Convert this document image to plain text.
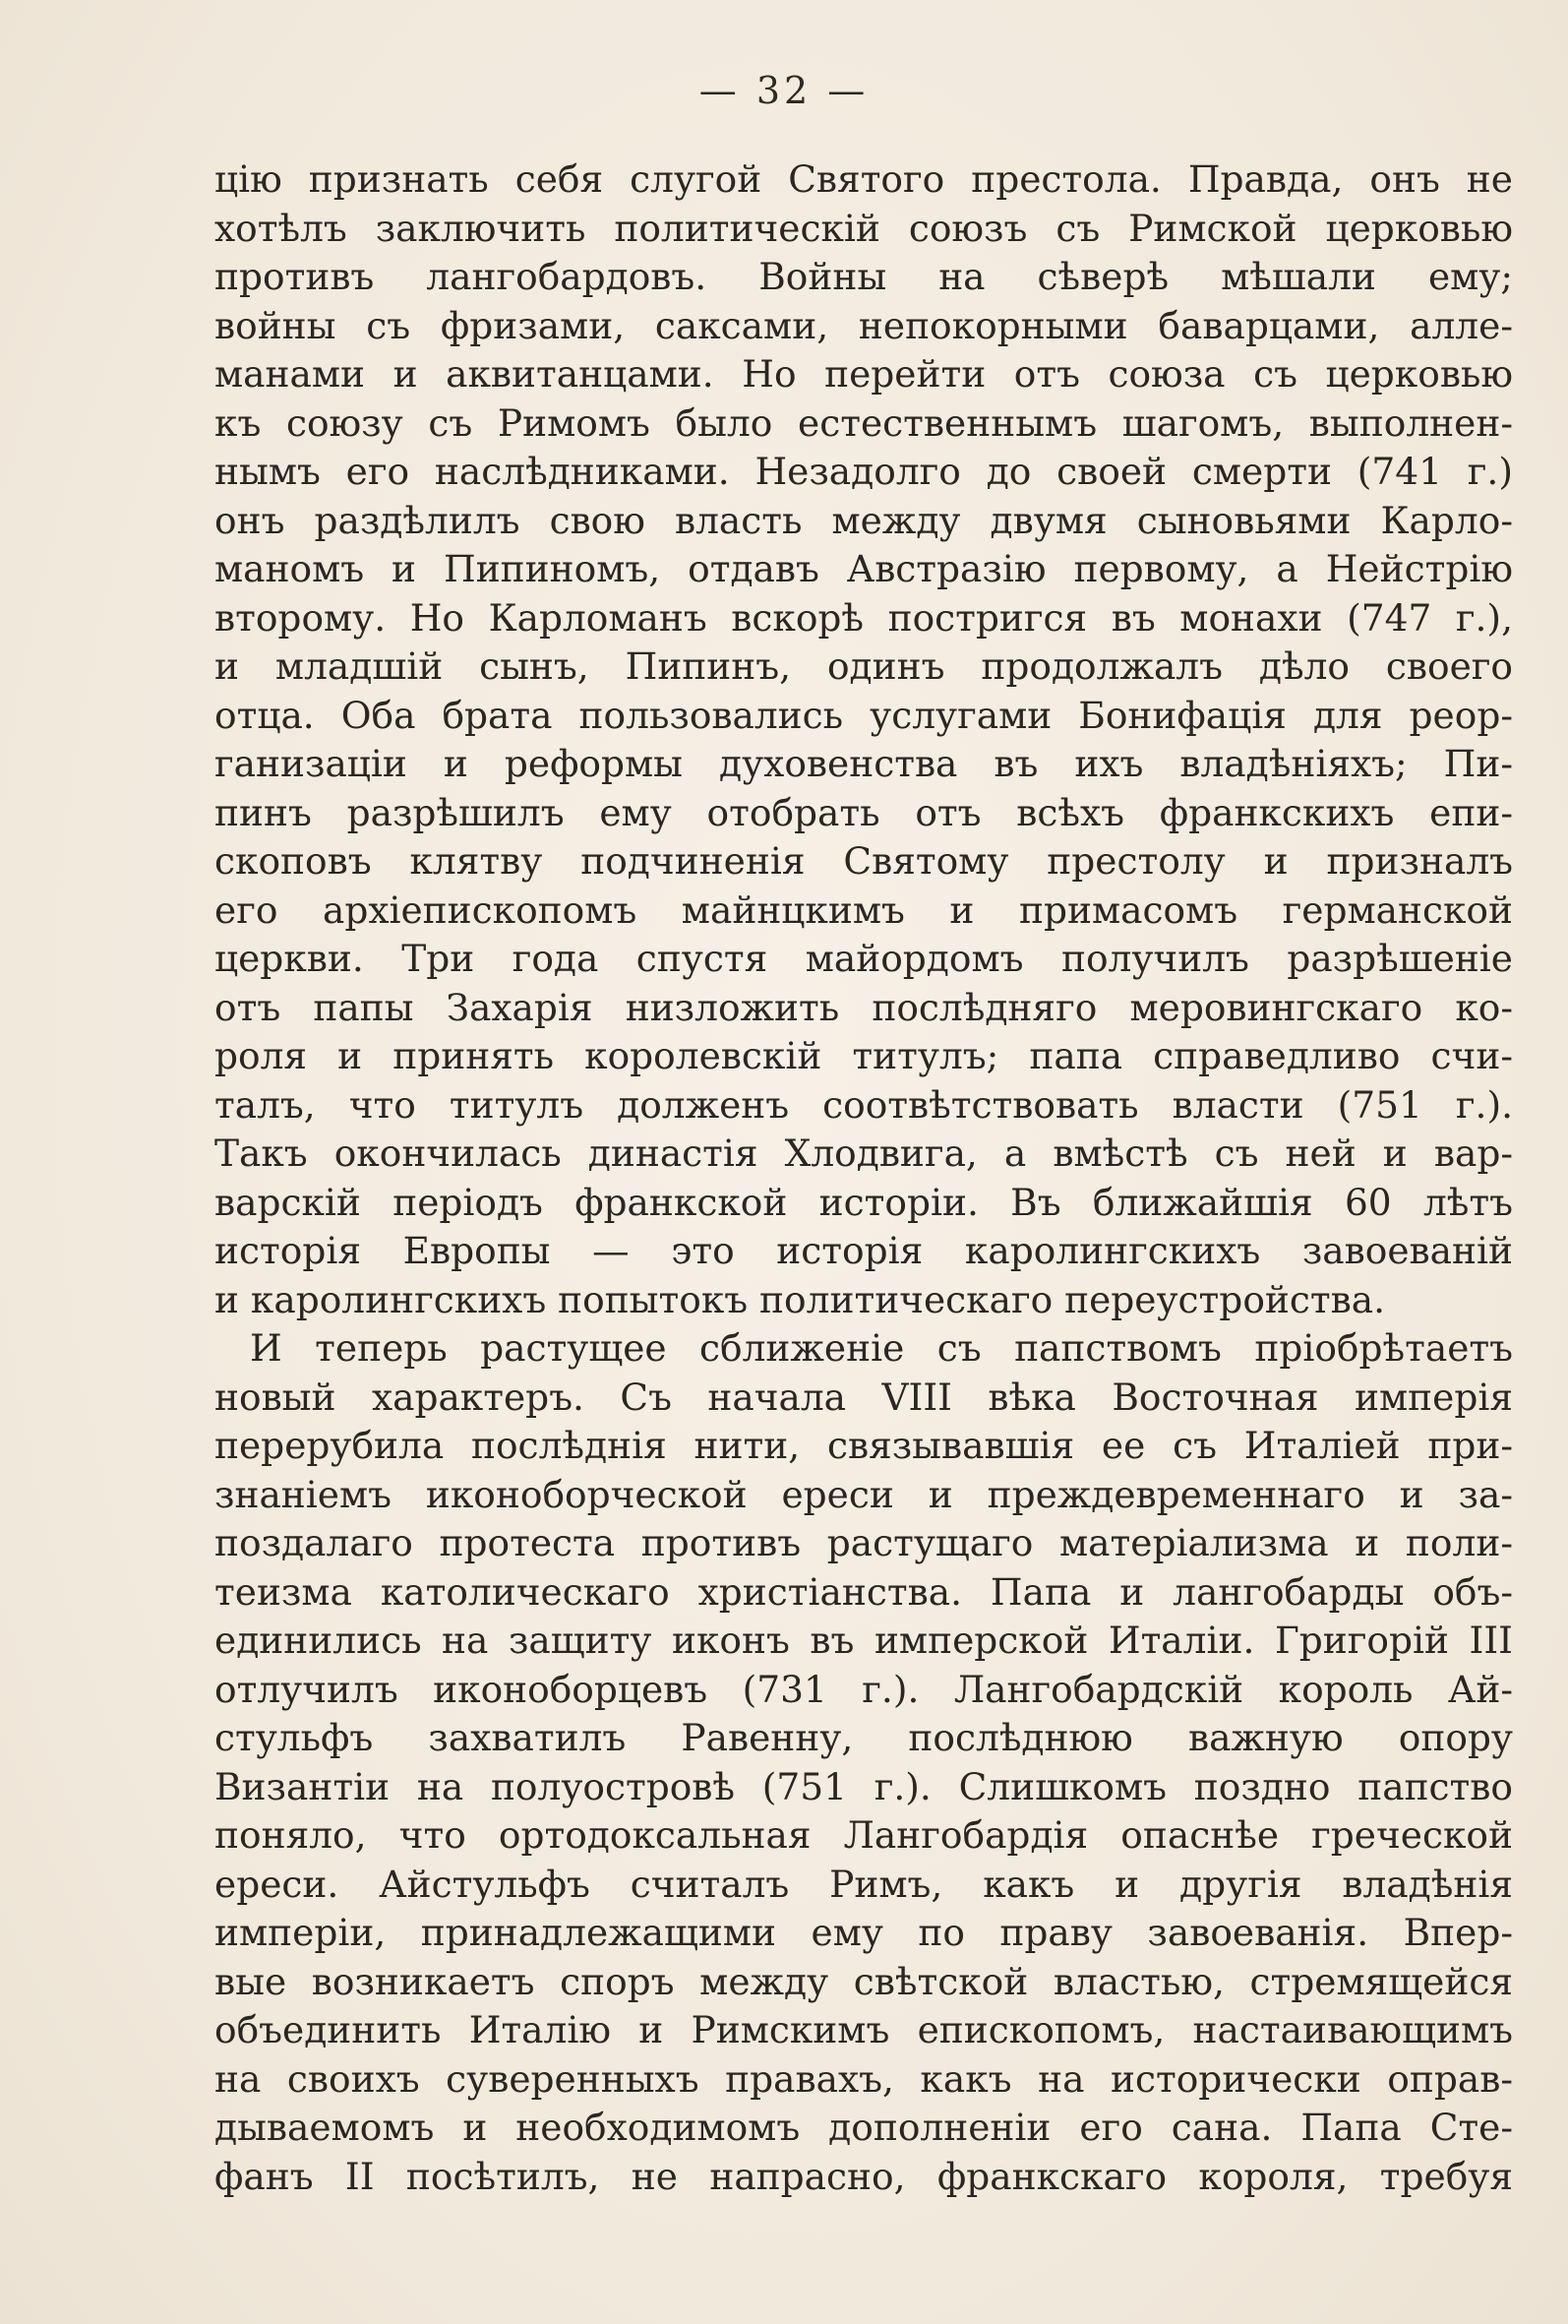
— 32 —
цію признать себя слугой Святого престола. Правда, онъ не
хотѣлъ заключить политическій союзъ съ Римской церковью
противъ лангобардовъ. Войны на сѣверѣ мѣшали ему;
войны съ фризами, саксами, непокорными баварцами, алле-
манами и аквитанцами. Но перейти отъ союза съ церковью
къ союзу съ Римомъ было естественнымъ шагомъ, выполнен-
нымъ его наслѣдниками. Незадолго до своей смерти (741 г.)
онъ раздѣлилъ свою власть между двумя сыновьями Карло-
маномъ и Пипиномъ, отдавъ Австразію первому, а Нейстрію
второму. Но Карломанъ вскорѣ постригся въ монахи (747 г.),
и младшій сынъ, Пипинъ, одинъ продолжалъ дѣло своего
отца. Оба брата пользовались услугами Бонифація для реор-
ганизаціи и реформы духовенства въ ихъ владѣніяхъ; Пи-
пинъ разрѣшилъ ему отобрать отъ всѣхъ франкскихъ епи-
скоповъ клятву подчиненія Святому престолу и призналъ
его архіепископомъ майнцкимъ и примасомъ германской
церкви. Три года спустя майордомъ получилъ разрѣшеніе
отъ папы Захарія низложить послѣдняго меровингскаго ко-
роля и принять королевскій титулъ; папа справедливо счи-
талъ, что титулъ долженъ соотвѣтствовать власти (751 г.).
Такъ окончилась династія Хлодвига, а вмѣстѣ съ ней и вар-
варскій періодъ франкской исторіи. Въ ближайшія 60 лѣтъ
исторія Европы — это исторія каролингскихъ завоеваній
и каролингскихъ попытокъ политическаго переустройства.
И теперь растущее сближеніе съ папствомъ пріобрѣтаетъ
новый характеръ. Съ начала VIII вѣка Восточная имперія
перерубила послѣднія нити, связывавшія ее съ Италіей при-
знаніемъ иконоборческой ереси и преждевременнаго и за-
поздалаго протеста противъ растущаго матеріализма и поли-
теизма католическаго христіанства. Папа и лангобарды объ-
единились на защиту иконъ въ имперской Италіи. Григорій III
отлучилъ иконоборцевъ (731 г.). Лангобардскій король Ай-
стульфъ захватилъ Равенну, послѣднюю важную опору
Византіи на полуостровѣ (751 г.). Слишкомъ поздно папство
поняло, что ортодоксальная Лангобардія опаснѣе греческой
ереси. Айстульфъ считалъ Римъ, какъ и другія владѣнія
имперіи, принадлежащими ему по праву завоеванія. Впер-
вые возникаетъ споръ между свѣтской властью, стремящейся
объединить Италію и Римскимъ епископомъ, настаивающимъ
на своихъ суверенныхъ правахъ, какъ на исторически оправ-
дываемомъ и необходимомъ дополненіи его сана. Папа Сте-
фанъ II посѣтилъ, не напрасно, франкскаго короля, требуя
